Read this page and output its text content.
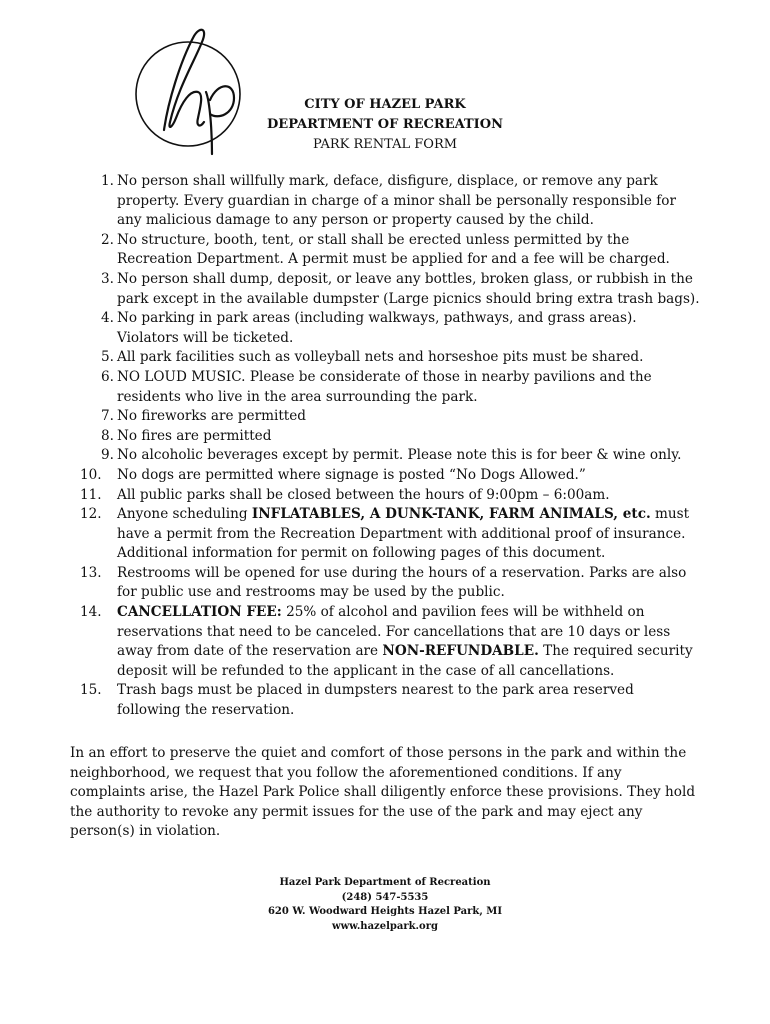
CITY OF HAZEL PARK
DEPARTMENT OF RECREATION
PARK RENTAL FORM
1. No person shall willfully mark, deface, disfigure, displace, or remove any park property. Every guardian in charge of a minor shall be personally responsible for any malicious damage to any person or property caused by the child.
2. No structure, booth, tent, or stall shall be erected unless permitted by the Recreation Department. A permit must be applied for and a fee will be charged.
3. No person shall dump, deposit, or leave any bottles, broken glass, or rubbish in the park except in the available dumpster (Large picnics should bring extra trash bags).
4. No parking in park areas (including walkways, pathways, and grass areas). Violators will be ticketed.
5. All park facilities such as volleyball nets and horseshoe pits must be shared.
6. NO LOUD MUSIC. Please be considerate of those in nearby pavilions and the residents who live in the area surrounding the park.
7. No fireworks are permitted
8. No fires are permitted
9. No alcoholic beverages except by permit. Please note this is for beer & wine only.
10.	No dogs are permitted where signage is posted “No Dogs Allowed.”
11.	All public parks shall be closed between the hours of 9:00pm – 6:00am.
12.	Anyone scheduling INFLATABLES, A DUNK-TANK, FARM ANIMALS, etc. must have a permit from the Recreation Department with additional proof of insurance. Additional information for permit on following pages of this document.
13.	Restrooms will be opened for use during the hours of a reservation. Parks are also for public use and restrooms may be used by the public.
14.	CANCELLATION FEE: 25% of alcohol and pavilion fees will be withheld on reservations that need to be canceled. For cancellations that are 10 days or less away from date of the reservation are NON-REFUNDABLE. The required security deposit will be refunded to the applicant in the case of all cancellations.
15.	Trash bags must be placed in dumpsters nearest to the park area reserved following the reservation.

In an effort to preserve the quiet and comfort of those persons in the park and within the neighborhood, we request that you follow the aforementioned conditions. If any complaints arise, the Hazel Park Police shall diligently enforce these provisions. They hold the authority to revoke any permit issues for the use of the park and may eject any person(s) in violation.

Hazel Park Department of Recreation
(248) 547-5535
620 W. Woodward Heights Hazel Park, MI
www.hazelpark.org
